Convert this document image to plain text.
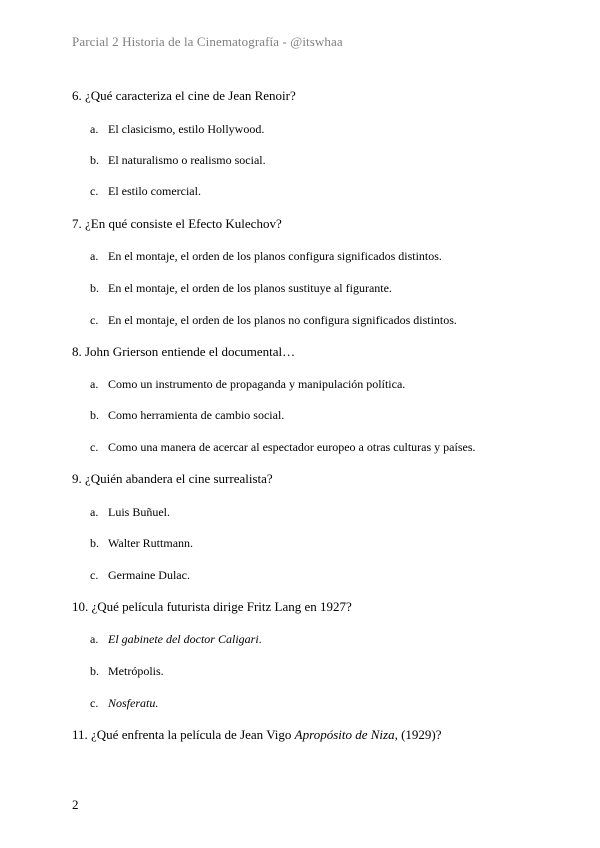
Parcial 2 Historia de la Cinematografía - @itswhaa
6. ¿Qué caracteriza el cine de Jean Renoir?
a. El clasicismo, estilo Hollywood.
b. El naturalismo o realismo social.
c. El estilo comercial.
7. ¿En qué consiste el Efecto Kulechov?
a. En el montaje, el orden de los planos configura significados distintos.
b. En el montaje, el orden de los planos sustituye al figurante.
c. En el montaje, el orden de los planos no configura significados distintos.
8. John Grierson entiende el documental…
a. Como un instrumento de propaganda y manipulación política.
b. Como herramienta de cambio social.
c. Como una manera de acercar al espectador europeo a otras culturas y países.
9. ¿Quién abandera el cine surrealista?
a. Luis Buñuel.
b. Walter Ruttmann.
c. Germaine Dulac.
10. ¿Qué película futurista dirige Fritz Lang en 1927?
a. El gabinete del doctor Caligari.
b. Metrópolis.
c. Nosferatu.
11. ¿Qué enfrenta la película de Jean Vigo Apropósito de Niza, (1929)?
2
